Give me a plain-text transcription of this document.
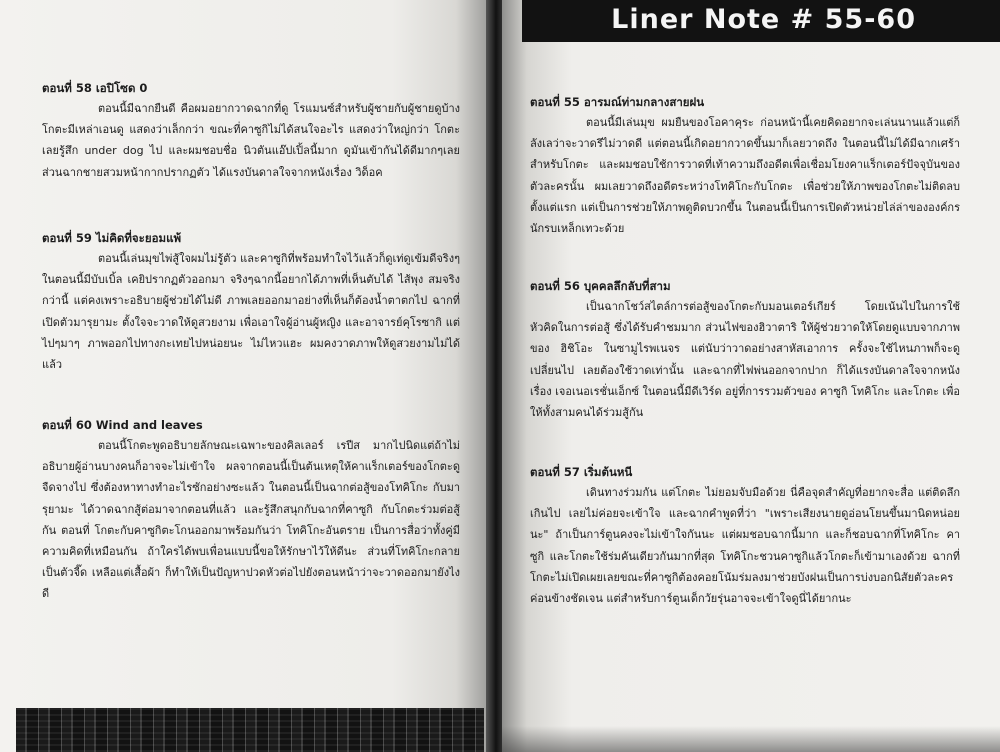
ตอนที่ 58 เอปิโซด 0

ตอนนี้มีฉากยืนดี คือผมอยากวาดฉากที่ดู โรแมนซ์สำหรับผู้ชายกับผู้ชายดูบ้าง โกตะมีเหล่าเอนดู แสดงว่าเล็กกว่า ขณะที่คาซูกิไม่ได้สนใจอะไร แสดงว่าใหญ่กว่า โกตะเลยรู้สึก under dog ไป และผมชอบชื่อ นิวตันแอ๊ปเปิ้ลนี้มาก ดูมันเข้ากันได้ดีมากๆเลย ส่วนฉากชายสวมหน้ากากปรากฏตัว ได้แรงบันดาลใจจากหนังเรื่อง วิด็อค

ตอนที่ 59 ไม่คิดที่จะยอมแพ้

ตอนนี้เล่นมุขไพ่สู้ใจผมไม่รู้ตัว และคาซูกิที่พร้อมทำใจไว้แล้วก็ดูเท่ดูเข้มดีจริงๆ ในตอนนี้มีบับเบิ้ล เคยิปรากฏตัวออกมา จริงๆฉากนี้อยากได้ภาพที่เห็นตับได้ ไส้พุง สมจริงกว่านี้ แต่คงเพราะอธิบายผู้ช่วยได้ไม่ดี ภาพเลยออกมาอย่างที่เห็นก็ต้องน้ำตาตกไป ฉากที่เปิดตัวมารุยามะ ตั้งใจจะวาดให้ดูสวยงาม เพื่อเอาใจผู้อ่านผู้หญิง และอาจารย์คุโรซากิ แต่ไปๆมาๆ ภาพออกไปทางกะเทยไปหน่อยนะ ไม่ไหวแฮะ ผมคงวาดภาพให้ดูสวยงามไม่ได้แล้ว

ตอนที่ 60 Wind and leaves

ตอนนี้โกตะพูดอธิบายลักษณะเฉพาะของคิลเลอร์ เรปีส มากไปนิดแต่ถ้าไม่อธิบายผู้อ่านบางคนก็อาจจะไม่เข้าใจ ผลจากตอนนี้เป็นต้นเหตุให้คาแร็กเตอร์ของโกตะดูจืดจางไป ซึ่งต้องหาทางทำอะไรซักอย่างซะแล้ว ในตอนนี้เป็นฉากต่อสู้ของโทคิโกะ กับมารุยามะ ได้วาดฉากสู้ต่อมาจากตอนที่แล้ว และรู้สึกสนุกกับฉากที่คาซูกิ กับโกตะร่วมต่อสู้กัน ตอนที่ โกตะกับคาซูกิตะโกนออกมาพร้อมกันว่า โทคิโกะอันตราย เป็นการสื่อว่าทั้งคู่มีความคิดที่เหมือนกัน ถ้าใครได้พบเพื่อนแบบนี้ขอให้รักษาไว้ให้ดีนะ ส่วนที่โทคิโกะกลายเป็นตัวจี๊ด เหลือแต่เสื้อผ้า ก็ทำให้เป็นปัญหาปวดหัวต่อไปยังตอนหน้าว่าจะวาดออกมายังไงดี

ตอนที่ 55 อารมณ์ท่ามกลางสายฝน

ตอนนี้มีเล่นมุข ผมยืนของโอคาคุระ ก่อนหน้านี้เคยคิดอยากจะเล่นนานแล้วแต่ก็ลังเลว่าจะวาดรึไม่วาดดี แต่ตอนนี้เกิดอยากวาดขึ้นมาก็เลยวาดถึง ในตอนนี้ไม่ได้มีฉากเศร้าสำหรับโกตะ และผมชอบใช้การวาดที่เท้าความถึงอดีตเพื่อเชื่อมโยงคาแร็กเตอร์ปัจจุบันของตัวละครนั้น ผมเลยวาดถึงอดีตระหว่างโทคิโกะกับโกตะ เพื่อช่วยให้ภาพของโกตะไม่ติดลบตั้งแต่แรก แต่เป็นการช่วยให้ภาพดูติดบวกขึ้น ในตอนนี้เป็นการเปิดตัวหน่วยไล่ล่าขององค์กรนักรบเหล็กเทวะด้วย

ตอนที่ 56 บุคคลลึกลับที่สาม

เป็นฉากโชว์สไตล์การต่อสู้ของโกตะกับมอนเตอร์เกียร์ โดยเน้นไปในการใช้หัวคิดในการต่อสู้ ซึ่งได้รับคำชมมาก ส่วนไฟของฮิวาตาริ ให้ผู้ช่วยวาดให้โดยดูแบบจากภาพของ ฮิชิโอะ ในซามูไรพเนจร แต่นับว่าวาดอย่างสาหัสเอาการ ครั้งจะใช้ไหนภาพก็จะดูเปลี่ยนไป เลยต้องใช้วาดเท่านั้น และฉากที่ไฟพ่นออกจากปาก ก็ได้แรงบันดาลใจจากหนังเรื่อง เจอเนอเรชั่นเอ็กซ์ ในตอนนี้มีดีเวิร์ด อยู่ที่การรวมตัวของ คาซูกิ โทคิโกะ และโกตะ เพื่อให้ทั้งสามคนได้ร่วมสู้กัน

ตอนที่ 57 เริ่มต้นหนี

เดินทางร่วมกัน แต่โกตะ ไม่ยอมจับมือด้วย นี่คือจุดสำคัญที่อยากจะสื่อ แต่ติดลึกเกินไป เลยไม่ค่อยจะเข้าใจ และฉากคำพูดที่ว่า "เพราะเสียงนายดูอ่อนโยนขึ้นมานิดหน่อยนะ" ถ้าเป็นการ์ตูนคงจะไม่เข้าใจกันนะ แต่ผมชอบฉากนี้มาก และก็ชอบฉากที่โทคิโกะ คาซูกิ และโกตะใช้ร่มคันเดียวกันมากที่สุด โทคิโกะชวนคาซูกิแล้วโกตะก็เข้ามาเองด้วย ฉากที่โกตะไม่เปิดเผยเลยขณะที่คาซูกิต้องคอยโน้มร่มลงมาช่วยบังฝนเป็นการบ่งบอกนิสัยตัวละครค่อนข้างชัดเจน แต่สำหรับการ์ตูนเด็กวัยรุ่นอาจจะเข้าใจดูนี่ได้ยากนะ

Liner Note # 55-60
